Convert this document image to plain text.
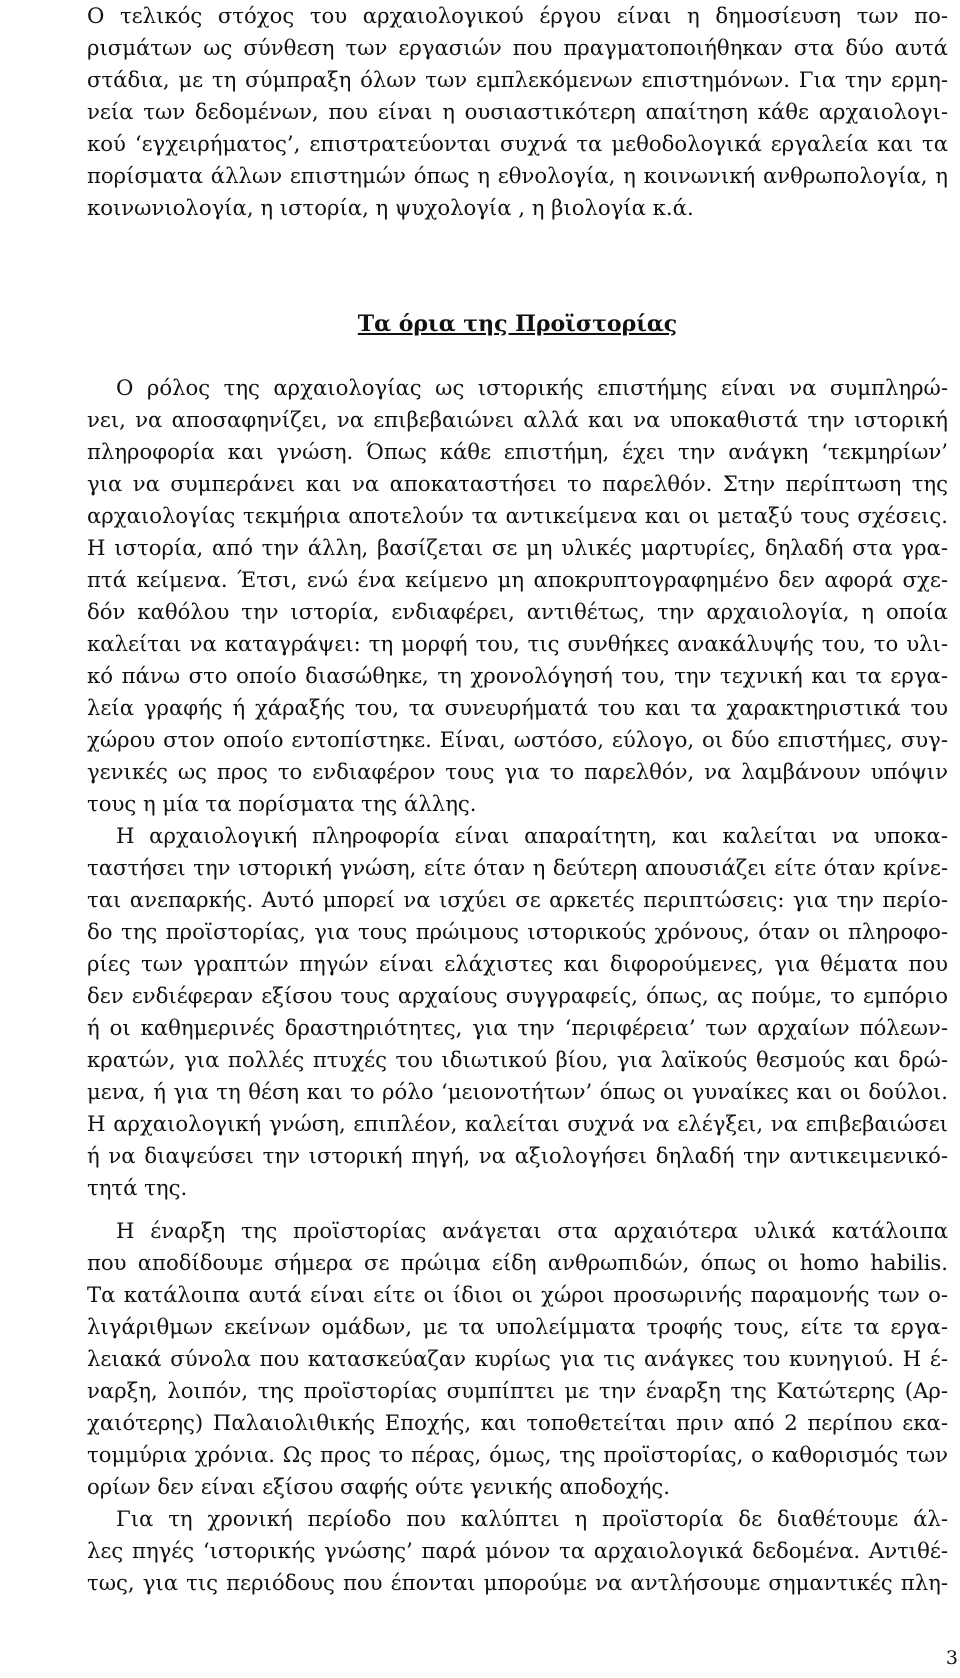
Ο τελικός στόχος του αρχαιολογικού έργου είναι η δημοσίευση των πο-
ρισμάτων ως σύνθεση των εργασιών που πραγματοποιήθηκαν στα δύο αυτά
στάδια, με τη σύμπραξη όλων των εμπλεκόμενων επιστημόνων. Για την ερμη-
νεία των δεδομένων, που είναι η ουσιαστικότερη απαίτηση κάθε αρχαιολογι-
κού ‘εγχειρήματος’, επιστρατεύονται συχνά τα μεθοδολογικά εργαλεία και τα
πορίσματα άλλων επιστημών όπως η εθνολογία, η κοινωνική ανθρωπολογία, η
κοινωνιολογία, η ιστορία, η ψυχολογία , η βιολογία κ.ά.
Τα όρια της Προϊστορίας
Ο ρόλος της αρχαιολογίας ως ιστορικής επιστήμης είναι να συμπληρώ-
νει, να αποσαφηνίζει, να επιβεβαιώνει αλλά και να υποκαθιστά την ιστορική
πληροφορία και γνώση. Όπως κάθε επιστήμη, έχει την ανάγκη ‘τεκμηρίων’
για να συμπεράνει και να αποκαταστήσει το παρελθόν. Στην περίπτωση της
αρχαιολογίας τεκμήρια αποτελούν τα αντικείμενα και οι μεταξύ τους σχέσεις.
Η ιστορία, από την άλλη, βασίζεται σε μη υλικές μαρτυρίες, δηλαδή στα γρα-
πτά κείμενα. Έτσι, ενώ ένα κείμενο μη αποκρυπτογραφημένο δεν αφορά σχε-
δόν καθόλου την ιστορία, ενδιαφέρει, αντιθέτως, την αρχαιολογία, η οποία
καλείται να καταγράψει: τη μορφή του, τις συνθήκες ανακάλυψής του, το υλι-
κό πάνω στο οποίο διασώθηκε, τη χρονολόγησή του, την τεχνική και τα εργα-
λεία γραφής ή χάραξής του, τα συνευρήματά του και τα χαρακτηριστικά του
χώρου στον οποίο εντοπίστηκε. Είναι, ωστόσο, εύλογο, οι δύο επιστήμες, συγ-
γενικές ως προς το ενδιαφέρον τους για το παρελθόν, να λαμβάνουν υπόψιν
τους η μία τα πορίσματα της άλλης.
Η αρχαιολογική πληροφορία είναι απαραίτητη, και καλείται να υποκα-
ταστήσει την ιστορική γνώση, είτε όταν η δεύτερη απουσιάζει είτε όταν κρίνε-
ται ανεπαρκής. Αυτό μπορεί να ισχύει σε αρκετές περιπτώσεις: για την περίο-
δο της προϊστορίας, για τους πρώιμους ιστορικούς χρόνους, όταν οι πληροφο-
ρίες των γραπτών πηγών είναι ελάχιστες και διφορούμενες, για θέματα που
δεν ενδιέφεραν εξίσου τους αρχαίους συγγραφείς, όπως, ας πούμε, το εμπόριο
ή οι καθημερινές δραστηριότητες, για την ‘περιφέρεια’ των αρχαίων πόλεων-
κρατών, για πολλές πτυχές του ιδιωτικού βίου, για λαϊκούς θεσμούς και δρώ-
μενα, ή για τη θέση και το ρόλο ‘μειονοτήτων’ όπως οι γυναίκες και οι δούλοι.
Η αρχαιολογική γνώση, επιπλέον, καλείται συχνά να ελέγξει, να επιβεβαιώσει
ή να διαψεύσει την ιστορική πηγή, να αξιολογήσει δηλαδή την αντικειμενικό-
τητά της.
Η έναρξη της προϊστορίας ανάγεται στα αρχαιότερα υλικά κατάλοιπα
που αποδίδουμε σήμερα σε πρώιμα είδη ανθρωπιδών, όπως οι homo habilis.
Τα κατάλοιπα αυτά είναι είτε οι ίδιοι οι χώροι προσωρινής παραμονής των ο-
λιγάριθμων εκείνων ομάδων, με τα υπολείμματα τροφής τους, είτε τα εργα-
λειακά σύνολα που κατασκεύαζαν κυρίως για τις ανάγκες του κυνηγιού. Η έ-
ναρξη, λοιπόν, της προϊστορίας συμπίπτει με την έναρξη της Κατώτερης (Αρ-
χαιότερης) Παλαιολιθικής Εποχής, και τοποθετείται πριν από 2 περίπου εκα-
τομμύρια χρόνια. Ως προς το πέρας, όμως, της προϊστορίας, ο καθορισμός των
ορίων δεν είναι εξίσου σαφής ούτε γενικής αποδοχής.
Για τη χρονική περίοδο που καλύπτει η προϊστορία δε διαθέτουμε άλ-
λες πηγές ‘ιστορικής γνώσης’ παρά μόνον τα αρχαιολογικά δεδομένα. Αντιθέ-
τως, για τις περιόδους που έπονται μπορούμε να αντλήσουμε σημαντικές πλη-
3
